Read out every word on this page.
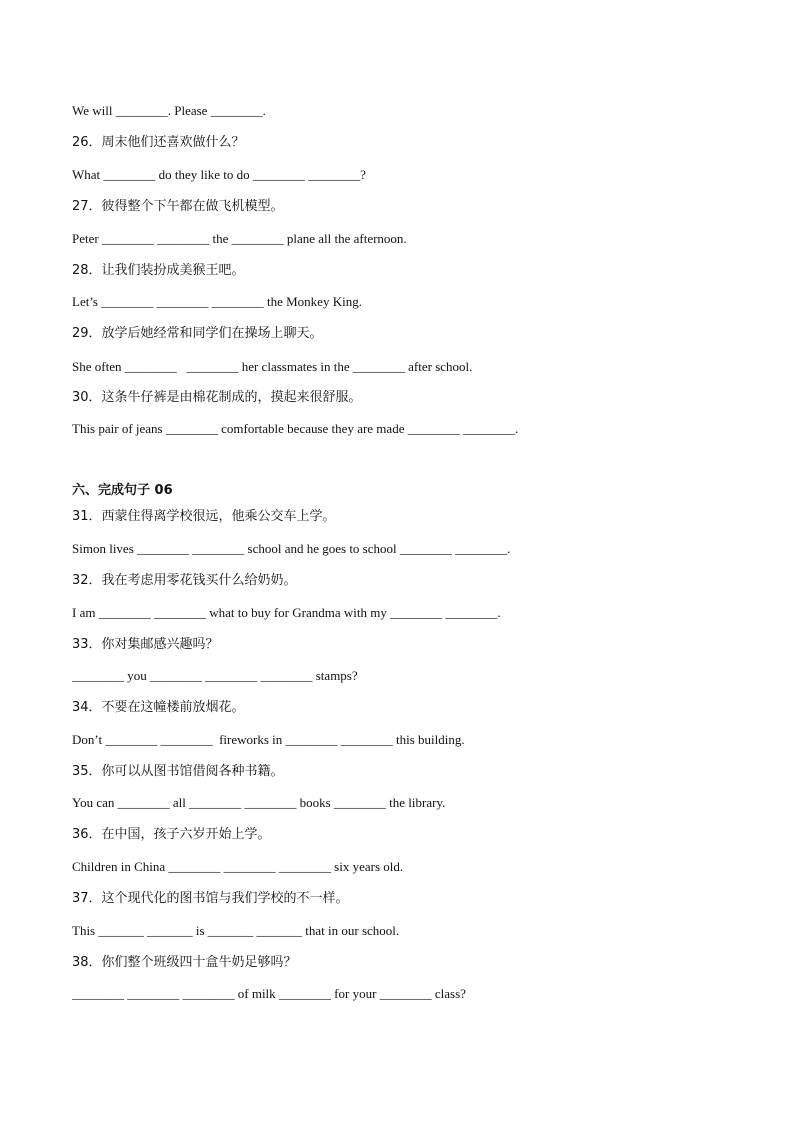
We will ________. Please ________.
26．周末他们还喜欢做什么？
What ________ do they like to do ________ ________?
27．彼得整个下午都在做飞机模型。
Peter ________ ________ the ________ plane all the afternoon.
28．让我们装扮成美猴王吧。
Let’s ________ ________ ________ the Monkey King.
29．放学后她经常和同学们在操场上聊天。
She often ________   ________ her classmates in the ________ after school.
30．这条牛仔裤是由棉花制成的，摸起来很舒服。
This pair of jeans ________ comfortable because they are made ________ ________.
六、完成句子 06
31．西蒙住得离学校很远，他乘公交车上学。
Simon lives ________ ________ school and he goes to school ________ ________.
32．我在考虑用零花钱买什么给奶奶。
I am ________ ________ what to buy for Grandma with my ________ ________.
33．你对集邮感兴趣吗？
________ you ________ ________ ________ stamps?
34．不要在这幢楼前放烟花。
Don’t ________ ________  fireworks in ________ ________ this building.
35．你可以从图书馆借阅各种书籍。
You can ________ all ________ ________ books ________ the library.
36．在中国，孩子六岁开始上学。
Children in China ________ ________ ________ six years old.
37．这个现代化的图书馆与我们学校的不一样。
This _______ _______ is _______ _______ that in our school.
38．你们整个班级四十盒牛奶足够吗？
________ ________ ________ of milk ________ for your ________ class?
